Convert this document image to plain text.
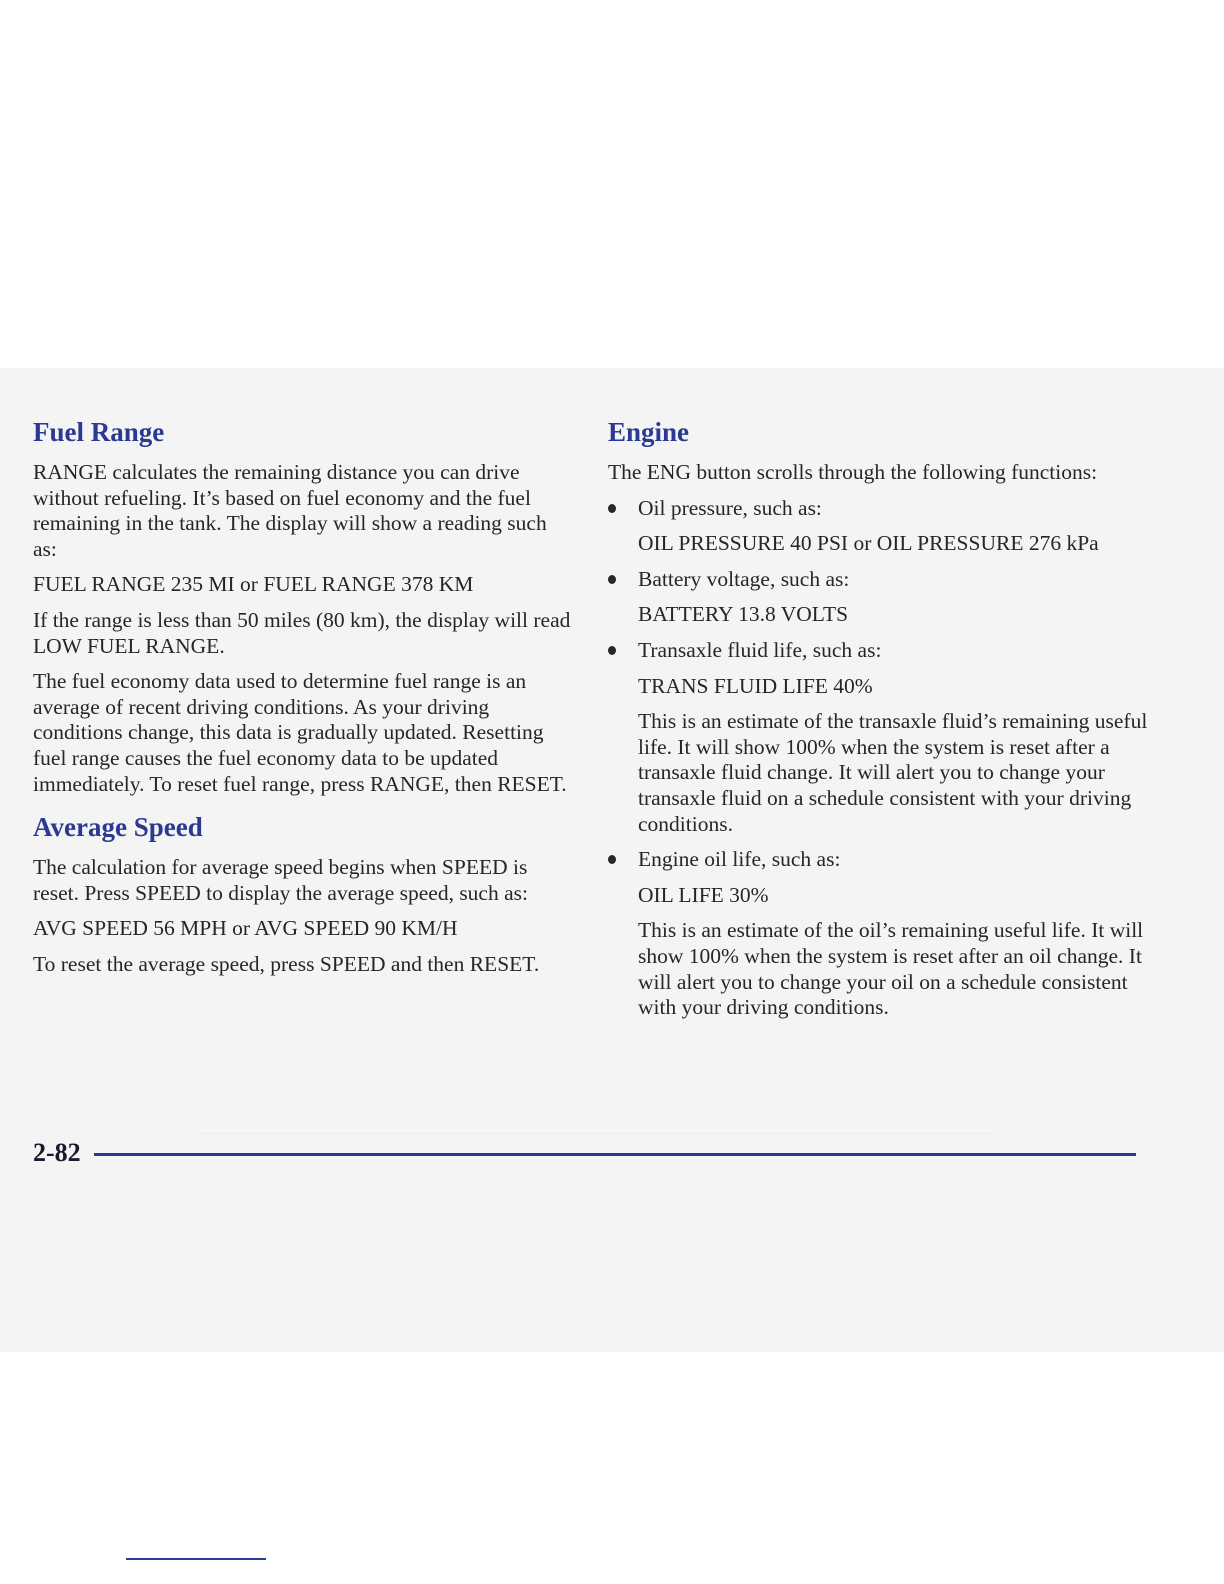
Fuel Range

RANGE calculates the remaining distance you can drive without refueling. It’s based on fuel economy and the fuel remaining in the tank. The display will show a reading such as:

FUEL RANGE 235 MI or FUEL RANGE 378 KM

If the range is less than 50 miles (80 km), the display will read LOW FUEL RANGE.

The fuel economy data used to determine fuel range is an average of recent driving conditions. As your driving conditions change, this data is gradually updated. Resetting fuel range causes the fuel economy data to be updated immediately. To reset fuel range, press RANGE, then RESET.

Average Speed

The calculation for average speed begins when SPEED is reset. Press SPEED to display the average speed, such as:

AVG SPEED 56 MPH or AVG SPEED 90 KM/H

To reset the average speed, press SPEED and then RESET.

Engine

The ENG button scrolls through the following functions:

Oil pressure, such as:

OIL PRESSURE 40 PSI or OIL PRESSURE 276 kPa

Battery voltage, such as:

BATTERY 13.8 VOLTS

Transaxle fluid life, such as:

TRANS FLUID LIFE 40%

This is an estimate of the transaxle fluid’s remaining useful life. It will show 100% when the system is reset after a transaxle fluid change. It will alert you to change your transaxle fluid on a schedule consistent with your driving conditions.

Engine oil life, such as:

OIL LIFE 30%

This is an estimate of the oil’s remaining useful life. It will show 100% when the system is reset after an oil change. It will alert you to change your oil on a schedule consistent with your driving conditions.

2-82
